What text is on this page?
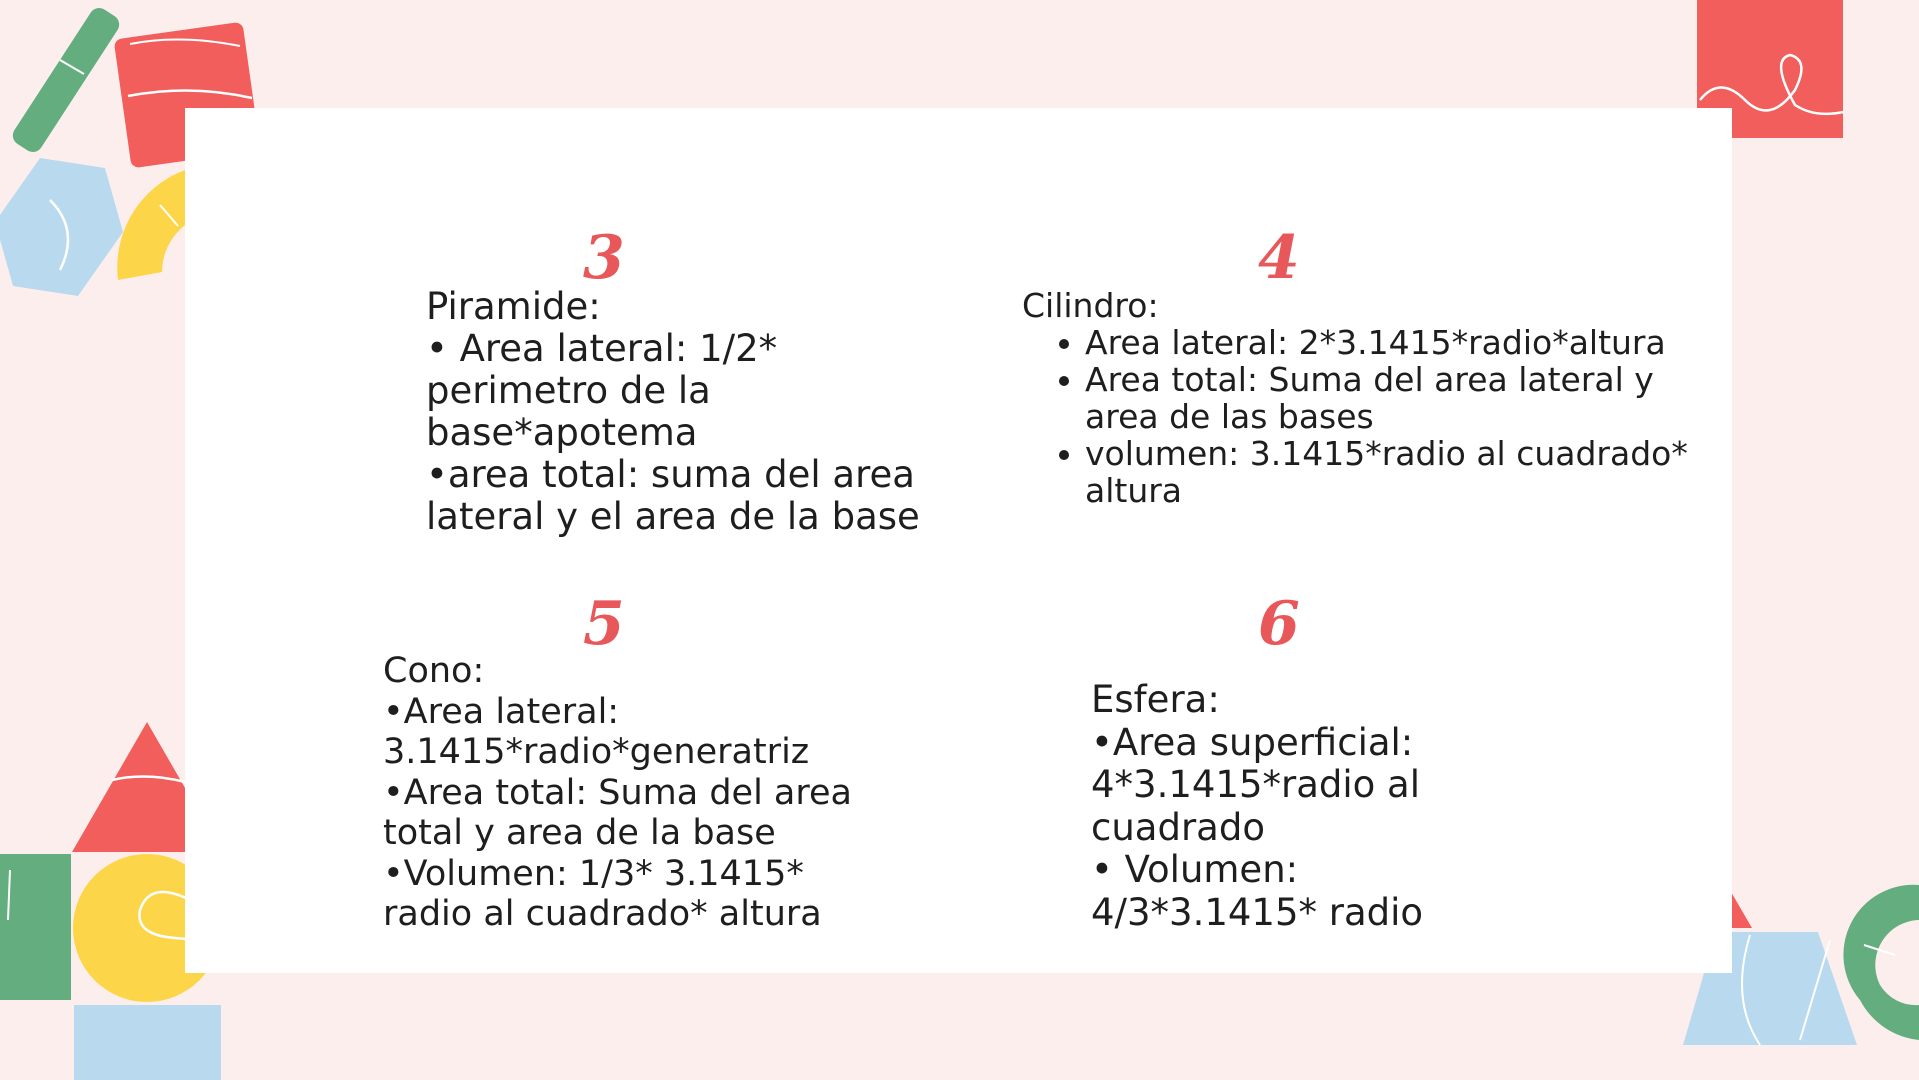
3
Piramide:
• Area lateral: 1/2*
perimetro de la
base*apotema
•area total: suma del area
lateral y el area de la base
4
Cilindro:
Area lateral: 2*3.1415*radio*altura
Area total: Suma del area lateral y
area de las bases
volumen: 3.1415*radio al cuadrado*
altura
5
Cono:
•Area lateral:
3.1415*radio*generatriz
•Area total: Suma del area
total y area de la base
•Volumen: 1/3* 3.1415*
radio al cuadrado* altura
6
Esfera:
•Area superficial:
4*3.1415*radio al
cuadrado
• Volumen:
4/3*3.1415* radio
